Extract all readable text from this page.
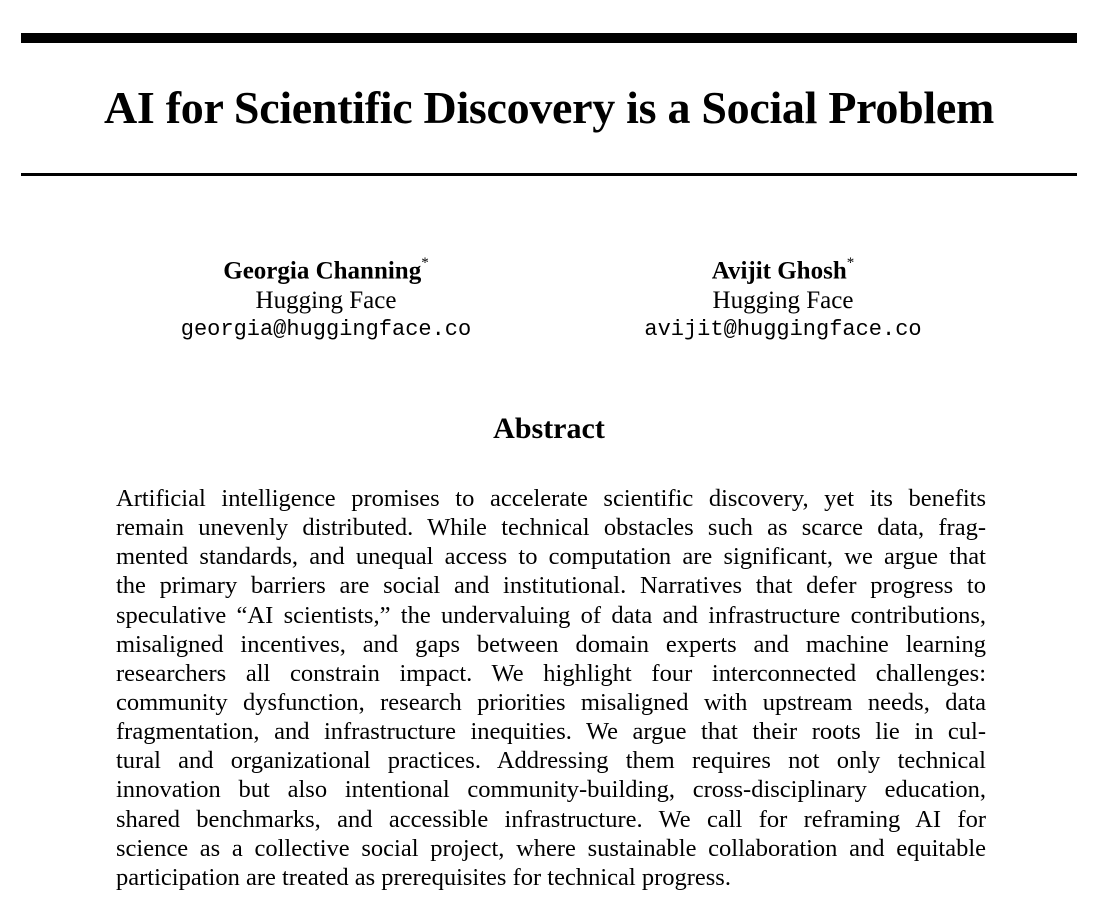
AI for Scientific Discovery is a Social Problem
Georgia Channing*
Hugging Face
georgia@huggingface.co
Avijit Ghosh*
Hugging Face
avijit@huggingface.co
Abstract
Artificial intelligence promises to accelerate scientific discovery, yet its benefits
remain unevenly distributed. While technical obstacles such as scarce data, frag-
mented standards, and unequal access to computation are significant, we argue that
the primary barriers are social and institutional. Narratives that defer progress to
speculative “AI scientists,” the undervaluing of data and infrastructure contributions,
misaligned incentives, and gaps between domain experts and machine learning
researchers all constrain impact. We highlight four interconnected challenges:
community dysfunction, research priorities misaligned with upstream needs, data
fragmentation, and infrastructure inequities. We argue that their roots lie in cul-
tural and organizational practices. Addressing them requires not only technical
innovation but also intentional community-building, cross-disciplinary education,
shared benchmarks, and accessible infrastructure. We call for reframing AI for
science as a collective social project, where sustainable collaboration and equitable
participation are treated as prerequisites for technical progress.
